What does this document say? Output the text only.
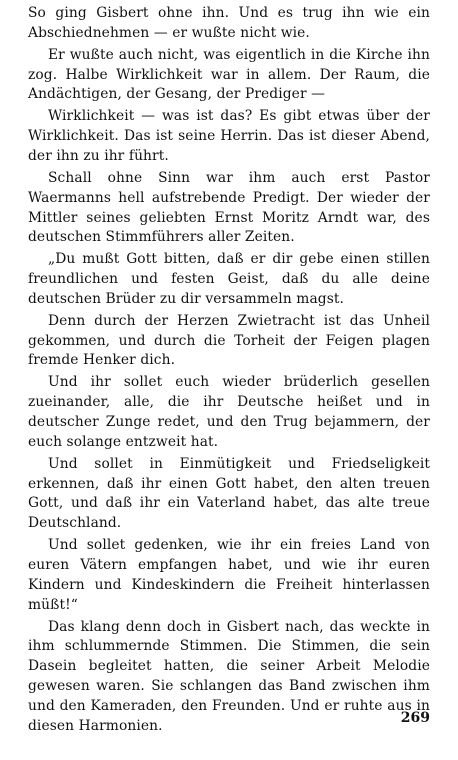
So ging Gisbert ohne ihn. Und es trug ihn wie ein Abschiednehmen — er wußte nicht wie.

Er wußte auch nicht, was eigentlich in die Kirche ihn zog. Halbe Wirklichkeit war in allem. Der Raum, die Andächtigen, der Gesang, der Prediger —

Wirklichkeit — was ist das? Es gibt etwas über der Wirklichkeit. Das ist seine Herrin. Das ist dieser Abend, der ihn zu ihr führt.

Schall ohne Sinn war ihm auch erst Pastor Waermanns hell aufstrebende Predigt. Der wieder der Mittler seines geliebten Ernst Moritz Arndt war, des deutschen Stimmführers aller Zeiten.

„Du mußt Gott bitten, daß er dir gebe einen stillen freundlichen und festen Geist, daß du alle deine deutschen Brüder zu dir versammeln magst.

Denn durch der Herzen Zwietracht ist das Unheil gekommen, und durch die Torheit der Feigen plagen fremde Henker dich.

Und ihr sollet euch wieder brüderlich gesellen zueinander, alle, die ihr Deutsche heißet und in deutscher Zunge redet, und den Trug bejammern, der euch solange entzweit hat.

Und sollet in Einmütigkeit und Friedseligkeit erkennen, daß ihr einen Gott habet, den alten treuen Gott, und daß ihr ein Vaterland habet, das alte treue Deutschland.

Und sollet gedenken, wie ihr ein freies Land von euren Vätern empfangen habet, und wie ihr euren Kindern und Kindeskindern die Freiheit hinterlassen müßt!“

Das klang denn doch in Gisbert nach, das weckte in ihm schlummernde Stimmen. Die Stimmen, die sein Dasein begleitet hatten, die seiner Arbeit Melodie gewesen waren. Sie schlangen das Band zwischen ihm und den Kameraden, den Freunden. Und er ruhte aus in diesen Harmonien.	269
